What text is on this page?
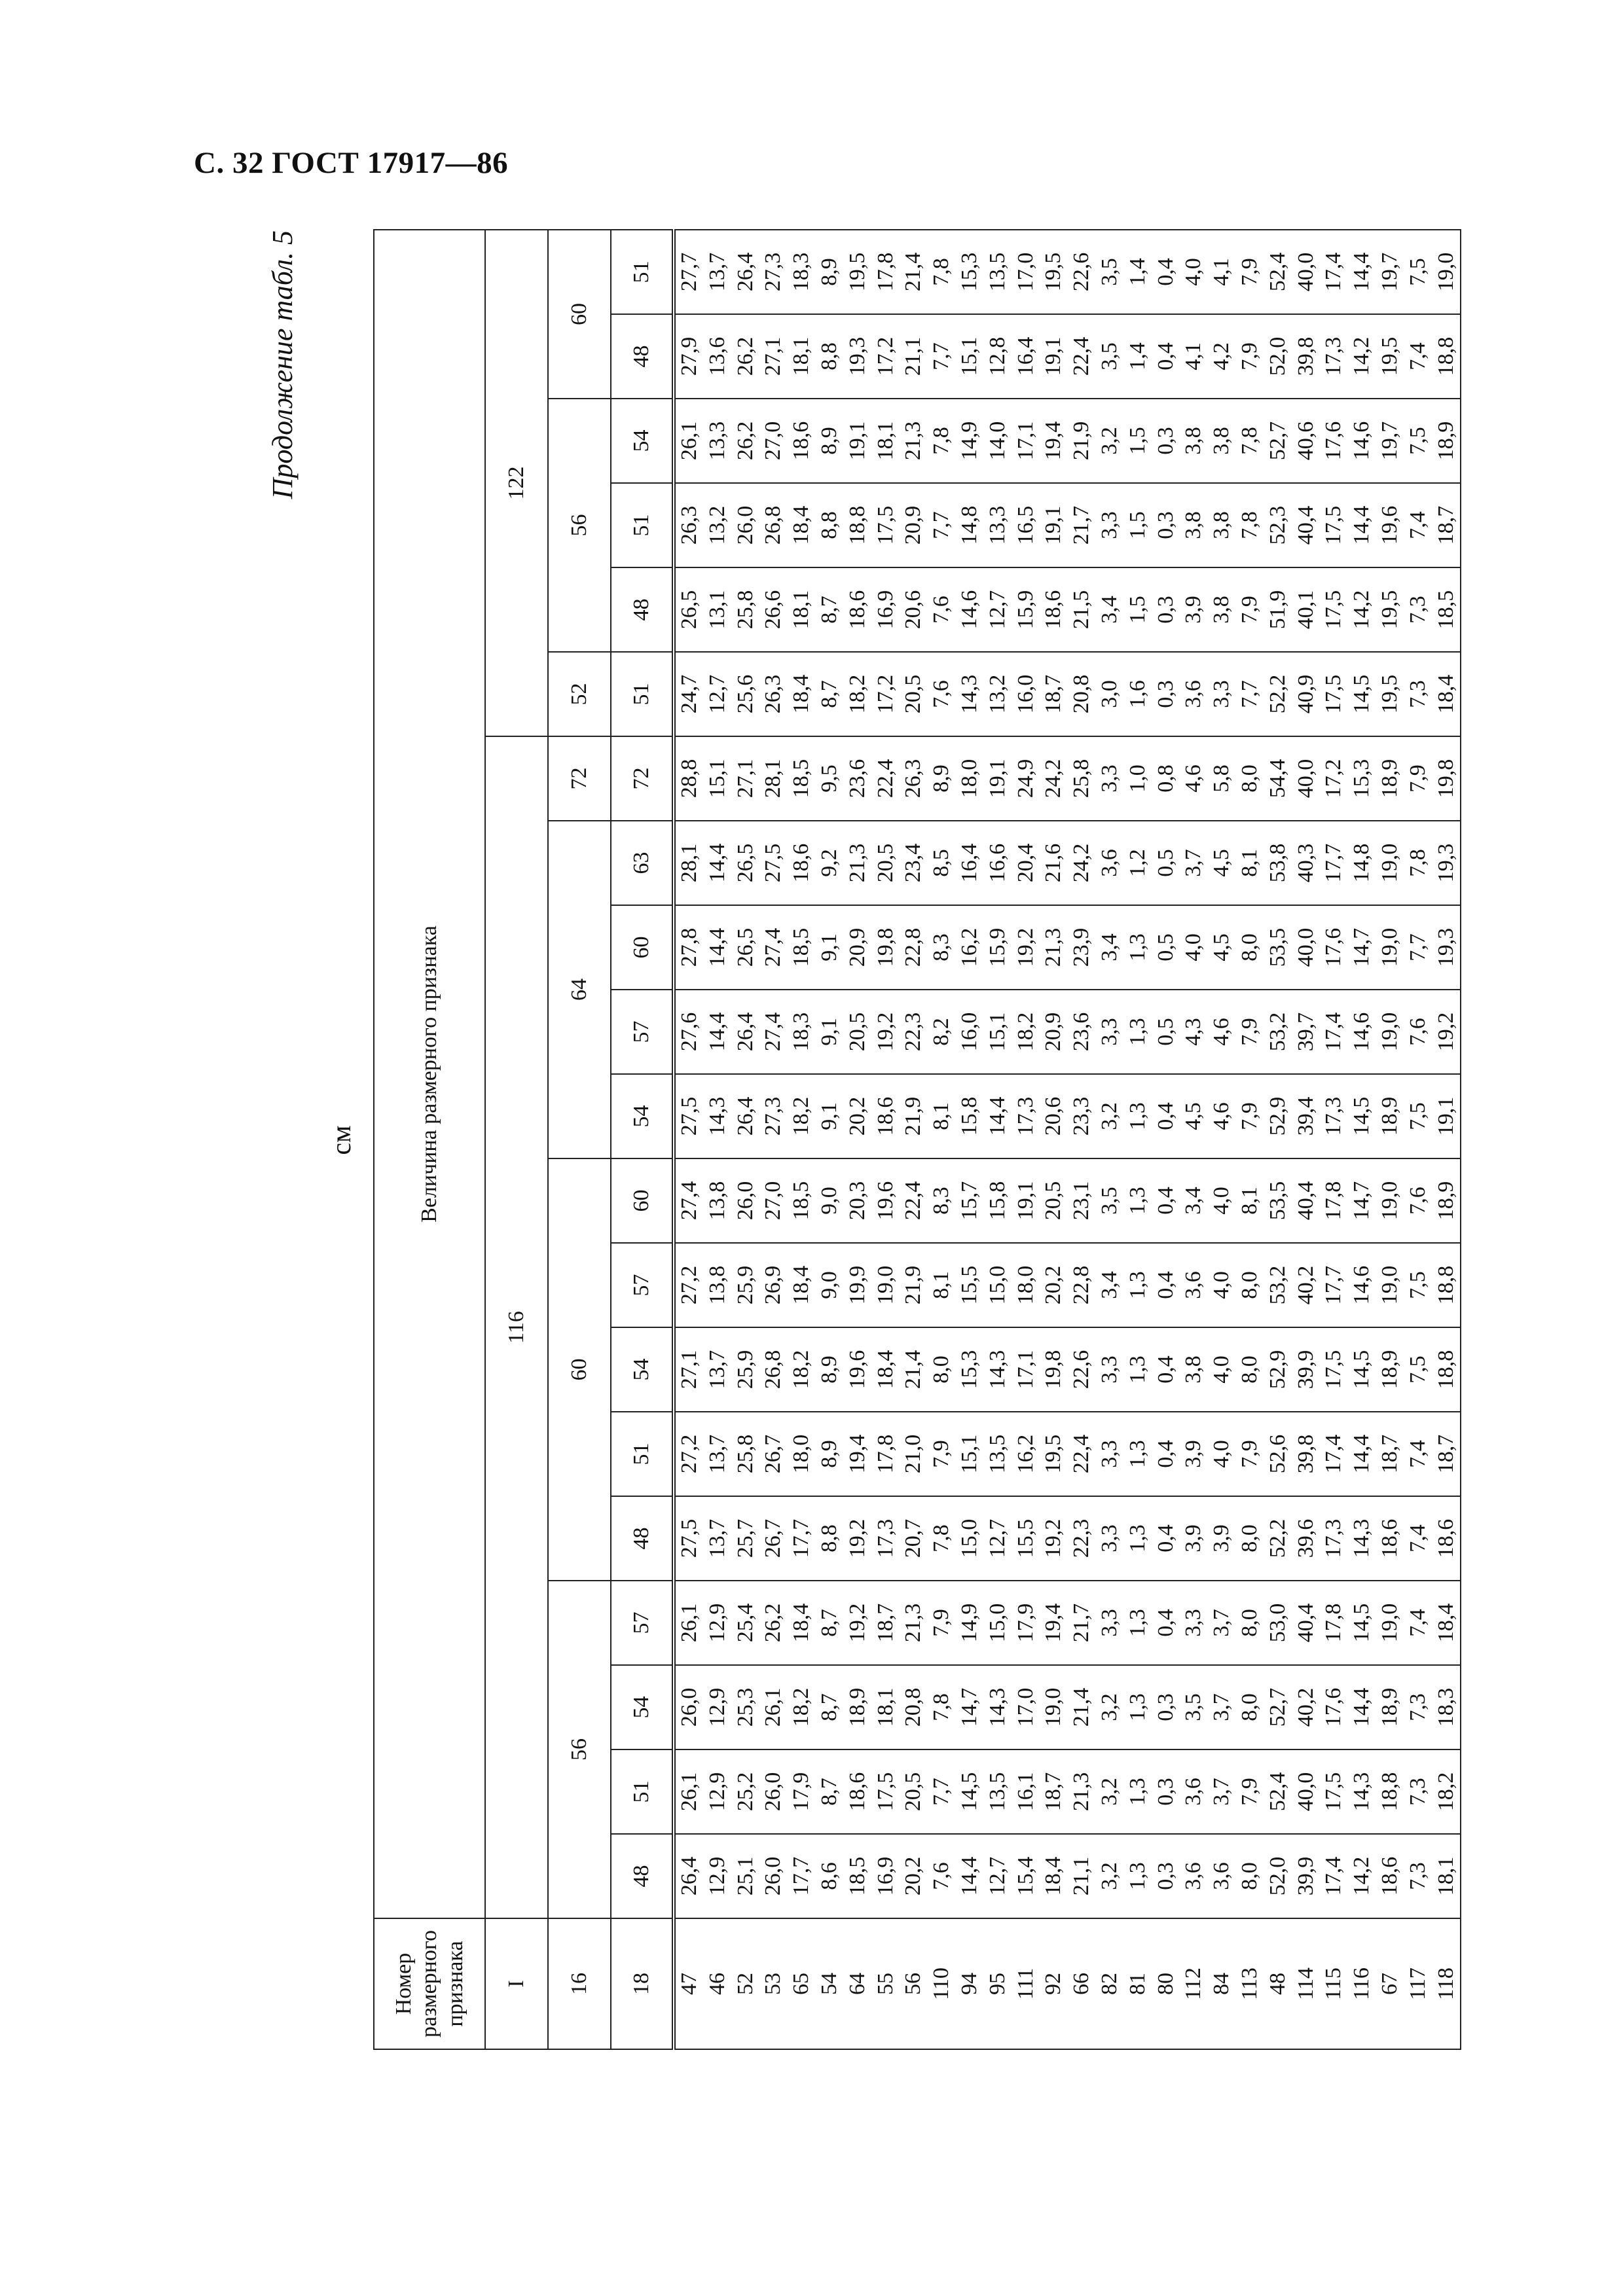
С. 32 ГОСТ 17917—86
Продолжение табл. 5
см
Номер размерного признака	Величина размерного признака																			
I	116														122					
16	56				60					64				72	52	56			60	
18	48	51	54	57	48	51	54	57	60	54	57	60	63	72	51	48	51	54	48	51
47	26,4	26,1	26,0	26,1	27,5	27,2	27,1	27,2	27,4	27,5	27,6	27,8	28,1	28,8	24,7	26,5	26,3	26,1	27,9	27,7
46	12,9	12,9	12,9	12,9	13,7	13,7	13,7	13,8	13,8	14,3	14,4	14,4	14,4	15,1	12,7	13,1	13,2	13,3	13,6	13,7
52	25,1	25,2	25,3	25,4	25,7	25,8	25,9	25,9	26,0	26,4	26,4	26,5	26,5	27,1	25,6	25,8	26,0	26,2	26,2	26,4
53	26,0	26,0	26,1	26,2	26,7	26,7	26,8	26,9	27,0	27,3	27,4	27,4	27,5	28,1	26,3	26,6	26,8	27,0	27,1	27,3
65	17,7	17,9	18,2	18,4	17,7	18,0	18,2	18,4	18,5	18,2	18,3	18,5	18,6	18,5	18,4	18,1	18,4	18,6	18,1	18,3
54	8,6	8,7	8,7	8,7	8,8	8,9	8,9	9,0	9,0	9,1	9,1	9,1	9,2	9,5	8,7	8,7	8,8	8,9	8,8	8,9
64	18,5	18,6	18,9	19,2	19,2	19,4	19,6	19,9	20,3	20,2	20,5	20,9	21,3	23,6	18,2	18,6	18,8	19,1	19,3	19,5
55	16,9	17,5	18,1	18,7	17,3	17,8	18,4	19,0	19,6	18,6	19,2	19,8	20,5	22,4	17,2	16,9	17,5	18,1	17,2	17,8
56	20,2	20,5	20,8	21,3	20,7	21,0	21,4	21,9	22,4	21,9	22,3	22,8	23,4	26,3	20,5	20,6	20,9	21,3	21,1	21,4
110	7,6	7,7	7,8	7,9	7,8	7,9	8,0	8,1	8,3	8,1	8,2	8,3	8,5	8,9	7,6	7,6	7,7	7,8	7,7	7,8
94	14,4	14,5	14,7	14,9	15,0	15,1	15,3	15,5	15,7	15,8	16,0	16,2	16,4	18,0	14,3	14,6	14,8	14,9	15,1	15,3
95	12,7	13,5	14,3	15,0	12,7	13,5	14,3	15,0	15,8	14,4	15,1	15,9	16,6	19,1	13,2	12,7	13,3	14,0	12,8	13,5
111	15,4	16,1	17,0	17,9	15,5	16,2	17,1	18,0	19,1	17,3	18,2	19,2	20,4	24,9	16,0	15,9	16,5	17,1	16,4	17,0
92	18,4	18,7	19,0	19,4	19,2	19,5	19,8	20,2	20,5	20,6	20,9	21,3	21,6	24,2	18,7	18,6	19,1	19,4	19,1	19,5
66	21,1	21,3	21,4	21,7	22,3	22,4	22,6	22,8	23,1	23,3	23,6	23,9	24,2	25,8	20,8	21,5	21,7	21,9	22,4	22,6
82	3,2	3,2	3,2	3,3	3,3	3,3	3,3	3,4	3,5	3,2	3,3	3,4	3,6	3,3	3,0	3,4	3,3	3,2	3,5	3,5
81	1,3	1,3	1,3	1,3	1,3	1,3	1,3	1,3	1,3	1,3	1,3	1,3	1,2	1,0	1,6	1,5	1,5	1,5	1,4	1,4
80	0,3	0,3	0,3	0,4	0,4	0,4	0,4	0,4	0,4	0,4	0,5	0,5	0,5	0,8	0,3	0,3	0,3	0,3	0,4	0,4
112	3,6	3,6	3,5	3,3	3,9	3,9	3,8	3,6	3,4	4,5	4,3	4,0	3,7	4,6	3,6	3,9	3,8	3,8	4,1	4,0
84	3,6	3,7	3,7	3,7	3,9	4,0	4,0	4,0	4,0	4,6	4,6	4,5	4,5	5,8	3,3	3,8	3,8	3,8	4,2	4,1
113	8,0	7,9	8,0	8,0	8,0	7,9	8,0	8,0	8,1	7,9	7,9	8,0	8,1	8,0	7,7	7,9	7,8	7,8	7,9	7,9
48	52,0	52,4	52,7	53,0	52,2	52,6	52,9	53,2	53,5	52,9	53,2	53,5	53,8	54,4	52,2	51,9	52,3	52,7	52,0	52,4
114	39,9	40,0	40,2	40,4	39,6	39,8	39,9	40,2	40,4	39,4	39,7	40,0	40,3	40,0	40,9	40,1	40,4	40,6	39,8	40,0
115	17,4	17,5	17,6	17,8	17,3	17,4	17,5	17,7	17,8	17,3	17,4	17,6	17,7	17,2	17,5	17,5	17,5	17,6	17,3	17,4
116	14,2	14,3	14,4	14,5	14,3	14,4	14,5	14,6	14,7	14,5	14,6	14,7	14,8	15,3	14,5	14,2	14,4	14,6	14,2	14,4
67	18,6	18,8	18,9	19,0	18,6	18,7	18,9	19,0	19,0	18,9	19,0	19,0	19,0	18,9	19,5	19,5	19,6	19,7	19,5	19,7
117	7,3	7,3	7,3	7,4	7,4	7,4	7,5	7,5	7,6	7,5	7,6	7,7	7,8	7,9	7,3	7,3	7,4	7,5	7,4	7,5
118	18,1	18,2	18,3	18,4	18,6	18,7	18,8	18,8	18,9	19,1	19,2	19,3	19,3	19,8	18,4	18,5	18,7	18,9	18,8	19,0
